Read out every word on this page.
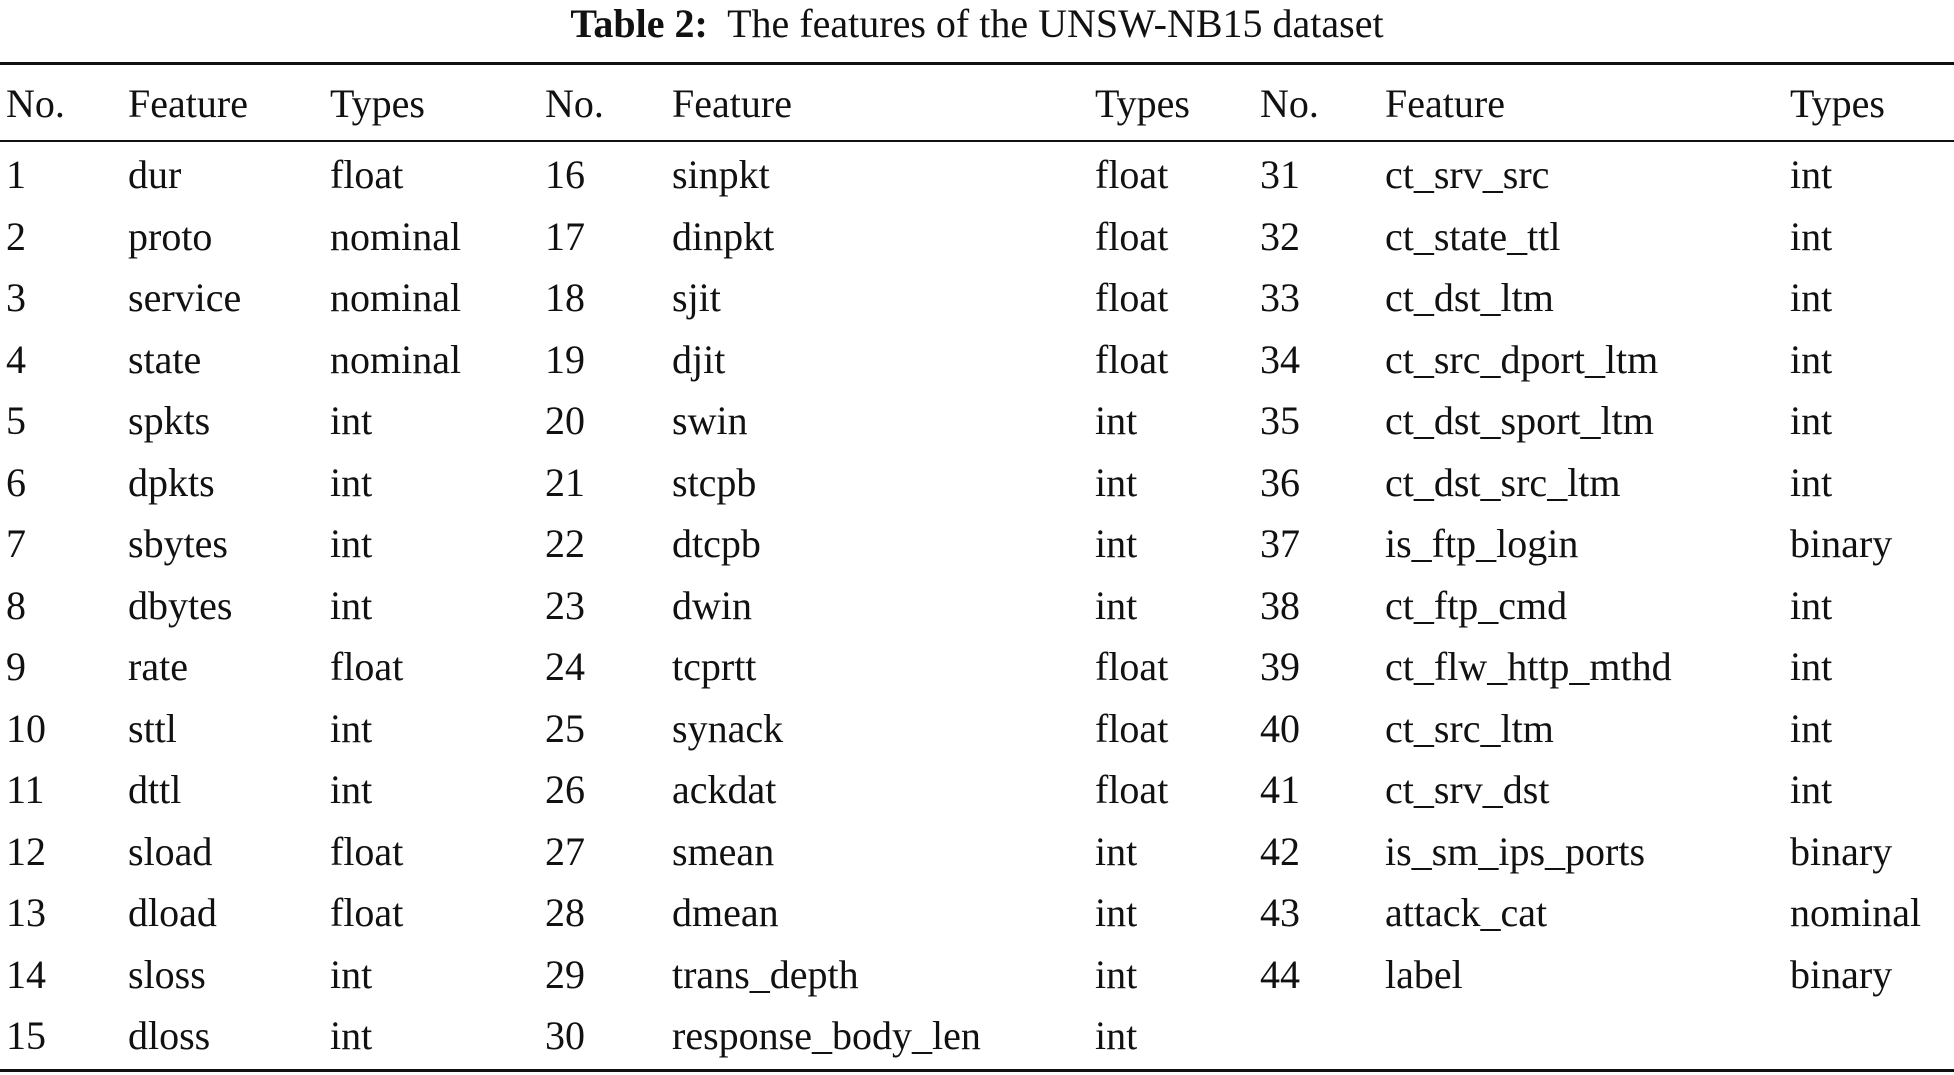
Table 2: The features of the UNSW-NB15 dataset
No. Feature Types	No. Feature	Types No. Feature	Types
1	dur	float	16 sinpkt	float 31 ct_srv_src	int
2	proto	nominal 17 dinpkt	float 32 ct_state_ttl	int
3	service nominal 18 sjit	float 33 ct_dst_ltm	int
4	state	nominal 19 djit	float 34 ct_src_dport_ltm	int
5	spkts	int	20 swin	int	35 ct_dst_sport_ltm	int
6	dpkts	int	21 stcpb	int	36 ct_dst_src_ltm	int
7	sbytes	int	22 dtcpb	int	37 is_ftp_login	binary
8	dbytes int	23 dwin	int	38 ct_ftp_cmd	int
9	rate	float	24 tcprtt	float 39 ct_flw_http_mthd	int
10 sttl	int	25 synack	float 40 ct_src_ltm	int
11 dttl	int	26 ackdat	float 41 ct_srv_dst	int
12 sload	float	27 smean	int	42 is_sm_ips_ports	binary
13 dload	float	28 dmean	int	43 attack_cat	nominal
14 sloss	int	29 trans_depth	int	44 label	binary
15 dloss	int	30 response_body_len	int
